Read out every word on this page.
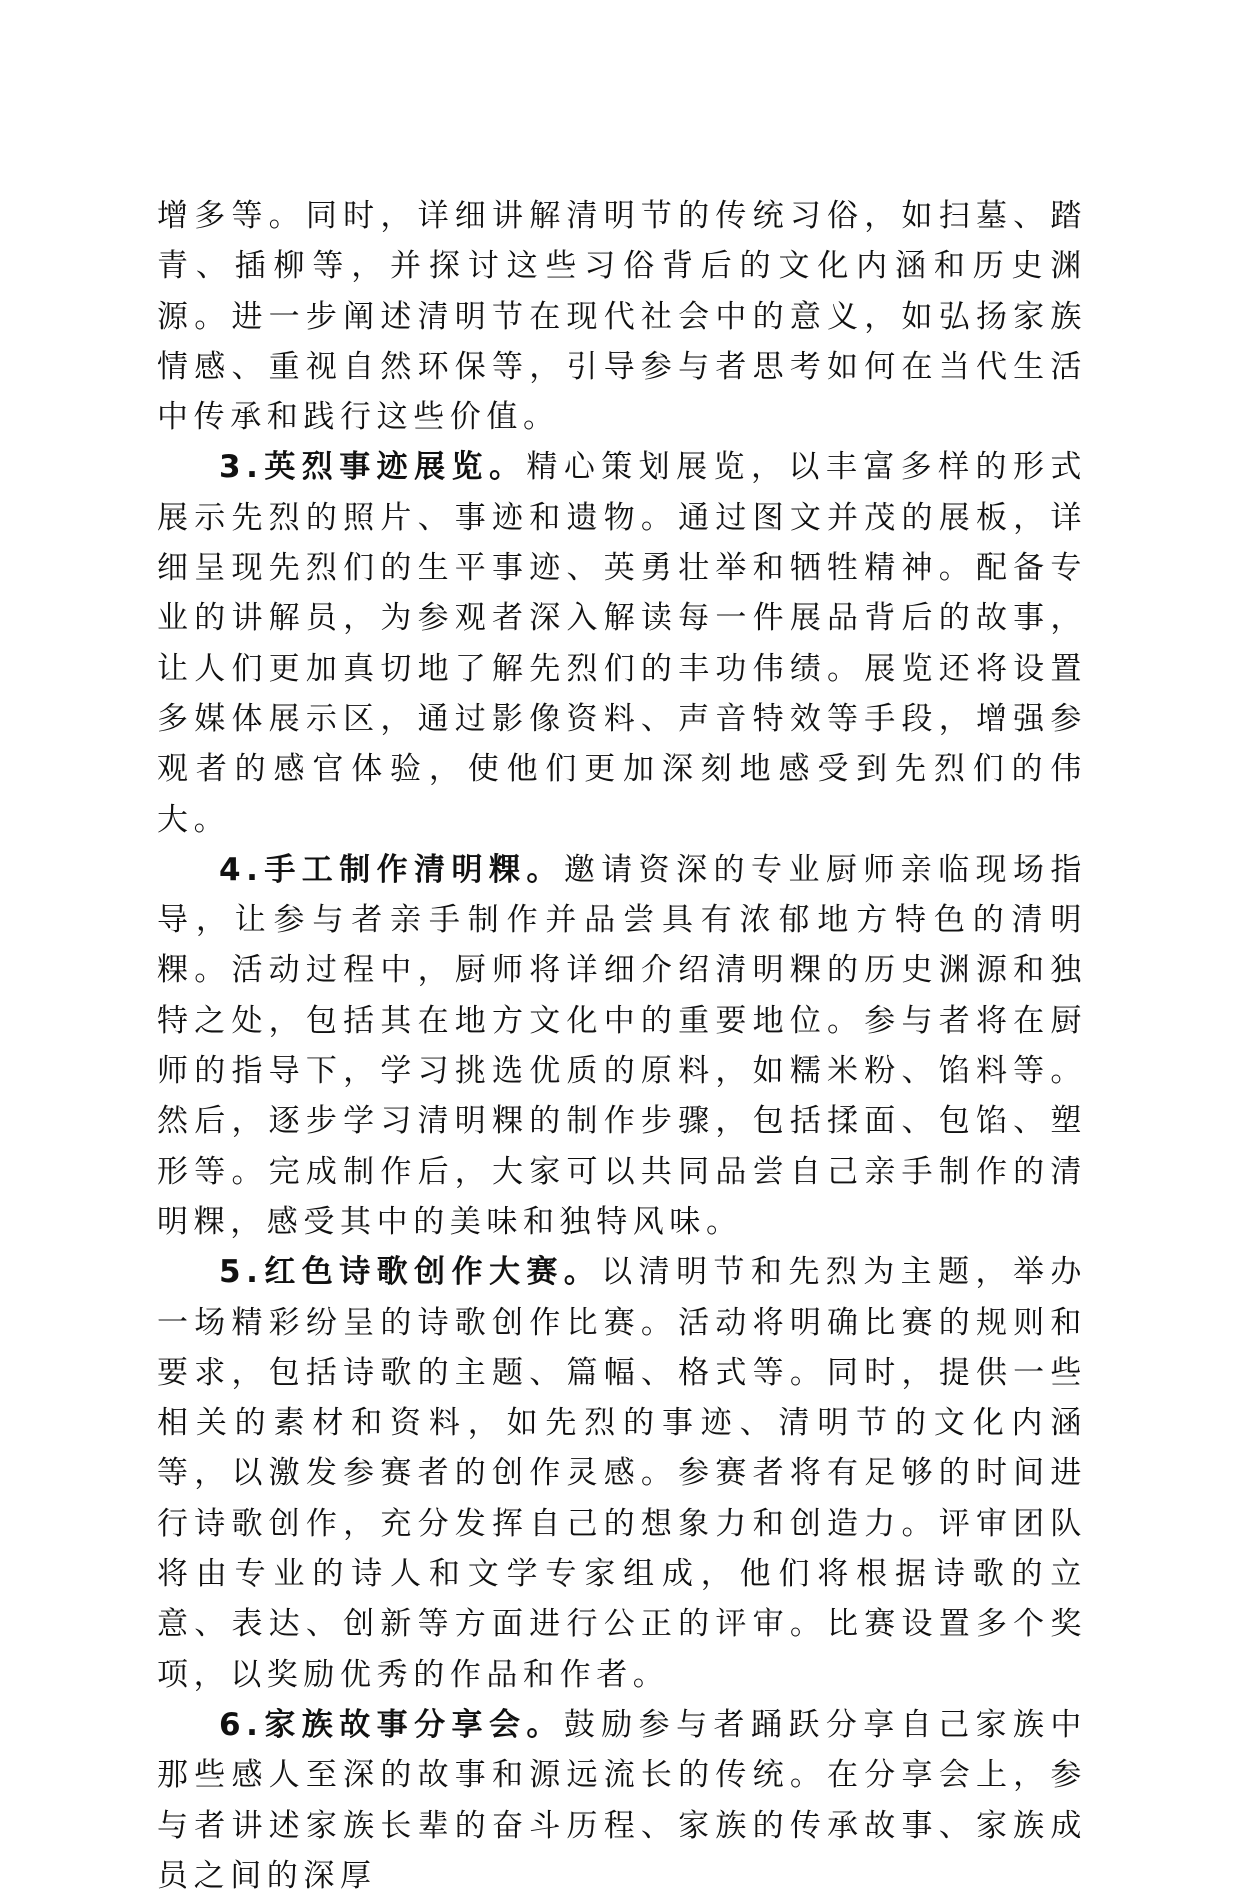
增多等。同时，详细讲解清明节的传统习俗，如扫墓、踏青、插柳等，并探讨这些习俗背后的文化内涵和历史渊源。进一步阐述清明节在现代社会中的意义，如弘扬家族情感、重视自然环保等，引导参与者思考如何在当代生活中传承和践行这些价值。

3.英烈事迹展览。精心策划展览，以丰富多样的形式展示先烈的照片、事迹和遗物。通过图文并茂的展板，详细呈现先烈们的生平事迹、英勇壮举和牺牲精神。配备专业的讲解员，为参观者深入解读每一件展品背后的故事，让人们更加真切地了解先烈们的丰功伟绩。展览还将设置多媒体展示区，通过影像资料、声音特效等手段，增强参观者的感官体验，使他们更加深刻地感受到先烈们的伟大。

4.手工制作清明粿。邀请资深的专业厨师亲临现场指导，让参与者亲手制作并品尝具有浓郁地方特色的清明粿。活动过程中，厨师将详细介绍清明粿的历史渊源和独特之处，包括其在地方文化中的重要地位。参与者将在厨师的指导下，学习挑选优质的原料，如糯米粉、馅料等。然后，逐步学习清明粿的制作步骤，包括揉面、包馅、塑形等。完成制作后，大家可以共同品尝自己亲手制作的清明粿，感受其中的美味和独特风味。

5.红色诗歌创作大赛。以清明节和先烈为主题，举办一场精彩纷呈的诗歌创作比赛。活动将明确比赛的规则和要求，包括诗歌的主题、篇幅、格式等。同时，提供一些相关的素材和资料，如先烈的事迹、清明节的文化内涵等，以激发参赛者的创作灵感。参赛者将有足够的时间进行诗歌创作，充分发挥自己的想象力和创造力。评审团队将由专业的诗人和文学专家组成，他们将根据诗歌的立意、表达、创新等方面进行公正的评审。比赛设置多个奖项，以奖励优秀的作品和作者。

6.家族故事分享会。鼓励参与者踊跃分享自己家族中那些感人至深的故事和源远流长的传统。在分享会上，参与者讲述家族长辈的奋斗历程、家族的传承故事、家族成员之间的深厚
